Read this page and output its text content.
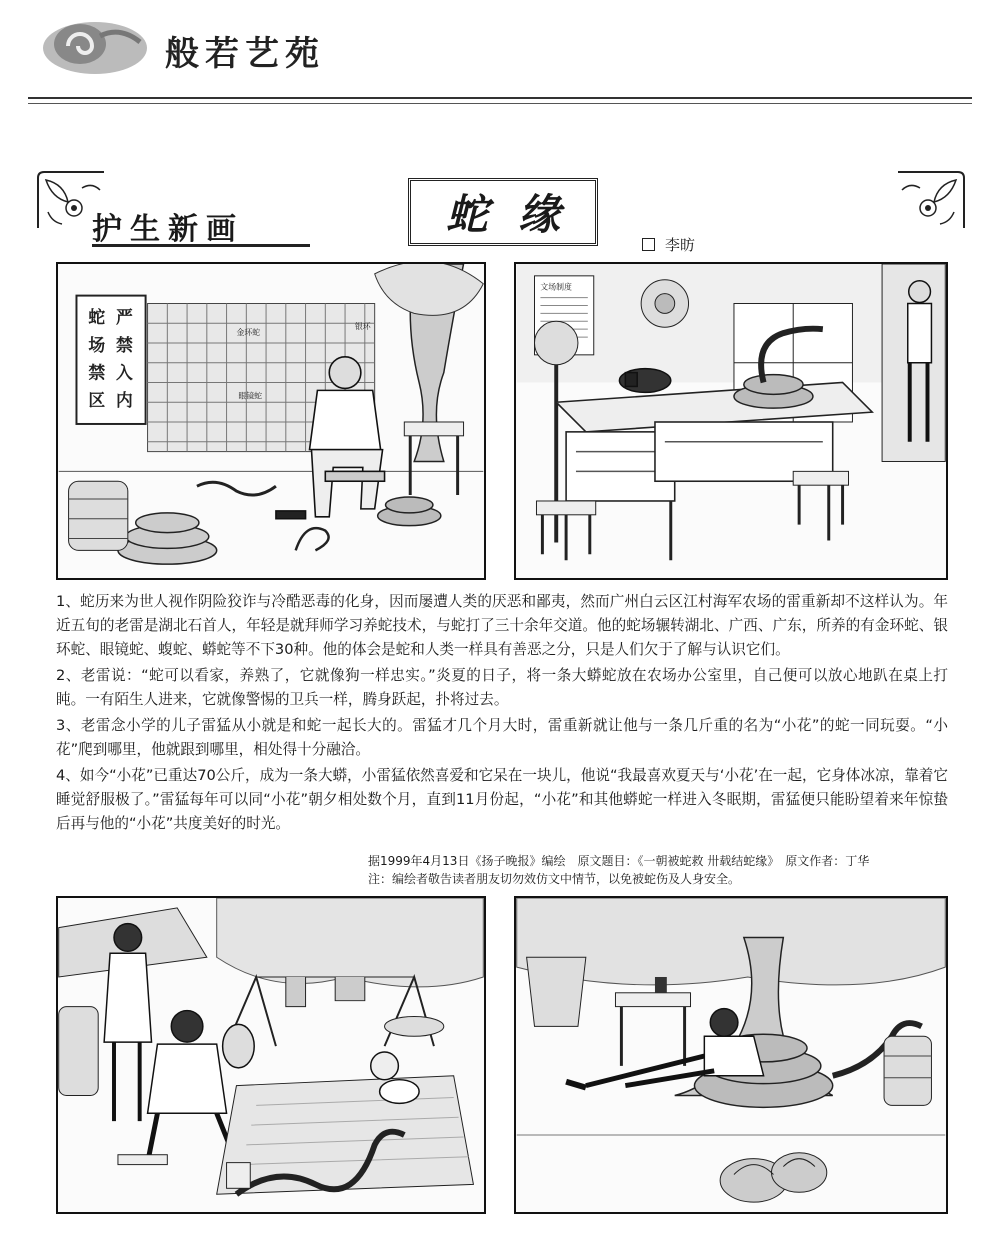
般若艺苑
护生新画	蛇缘
李昉
蛇
场
禁
区
严
禁
入
内
金环蛇
银环
眼镜蛇
文场制度

1、蛇历来为世人视作阴险狡诈与冷酷恶毒的化身，因而屡遭人类的厌恶和鄙夷，然而广州白云区江村海军农场的雷重新却不这样认为。年近五旬的老雷是湖北石首人，年轻是就拜师学习养蛇技术，与蛇打了三十余年交道。他的蛇场辗转湖北、广西、广东，所养的有金环蛇、银环蛇、眼镜蛇、蝮蛇、蟒蛇等不下30种。他的体会是蛇和人类一样具有善恶之分，只是人们欠于了解与认识它们。

2、老雷说：“蛇可以看家，养熟了，它就像狗一样忠实。”炎夏的日子，将一条大蟒蛇放在农场办公室里，自己便可以放心地趴在桌上打盹。一有陌生人进来，它就像警惕的卫兵一样，腾身跃起，扑将过去。

3、老雷念小学的儿子雷猛从小就是和蛇一起长大的。雷猛才几个月大时，雷重新就让他与一条几斤重的名为“小花”的蛇一同玩耍。“小花”爬到哪里，他就跟到哪里，相处得十分融洽。

4、如今“小花”已重达70公斤，成为一条大蟒，小雷猛依然喜爱和它呆在一块儿，他说“我最喜欢夏天与‘小花’在一起，它身体冰凉，靠着它睡觉舒服极了。”雷猛每年可以同“小花”朝夕相处数个月，直到11月份起，“小花”和其他蟒蛇一样进入冬眠期，雷猛便只能盼望着来年惊蛰后再与他的“小花”共度美好的时光。

据1999年4月13日《扬子晚报》编绘　原文题目：《一朝被蛇救 卅载结蛇缘》　原文作者：丁华
注：编绘者敬告读者朋友切勿效仿文中情节，以免被蛇伤及人身安全。
